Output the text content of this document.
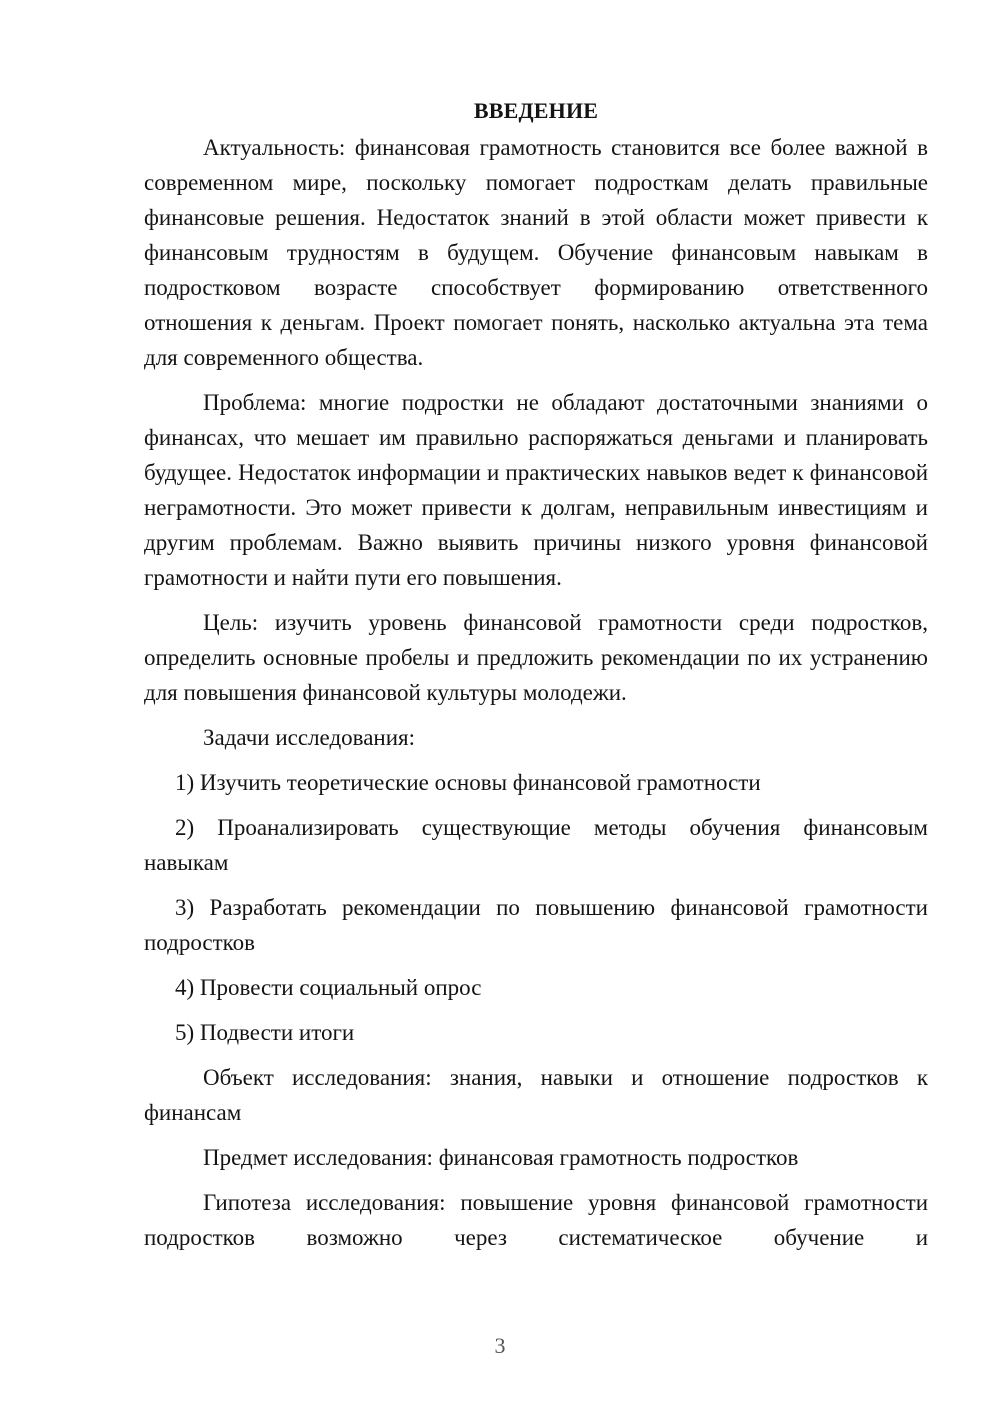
ВВЕДЕНИЕ

Актуальность: финансовая грамотность становится все более важной в современном мире, поскольку помогает подросткам делать правильные финансовые решения. Недостаток знаний в этой области может привести к финансовым трудностям в будущем. Обучение финансовым навыкам в подростковом возрасте способствует формированию ответственного отношения к деньгам. Проект помогает понять, насколько актуальна эта тема для современного общества.

Проблема: многие подростки не обладают достаточными знаниями о финансах, что мешает им правильно распоряжаться деньгами и планировать будущее. Недостаток информации и практических навыков ведет к финансовой неграмотности. Это может привести к долгам, неправильным инвестициям и другим проблемам. Важно выявить причины низкого уровня финансовой грамотности и найти пути его повышения.

Цель: изучить уровень финансовой грамотности среди подростков, определить основные пробелы и предложить рекомендации по их устранению для повышения финансовой культуры молодежи.

Задачи исследования:

1) Изучить теоретические основы финансовой грамотности

2) Проанализировать существующие методы обучения финансовым навыкам

3) Разработать рекомендации по повышению финансовой грамотности подростков

4) Провести социальный опрос

5) Подвести итоги

Объект исследования: знания, навыки и отношение подростков к финансам

Предмет исследования: финансовая грамотность подростков

Гипотеза исследования: повышение уровня финансовой грамотности подростков возможно через систематическое обучение и

3
